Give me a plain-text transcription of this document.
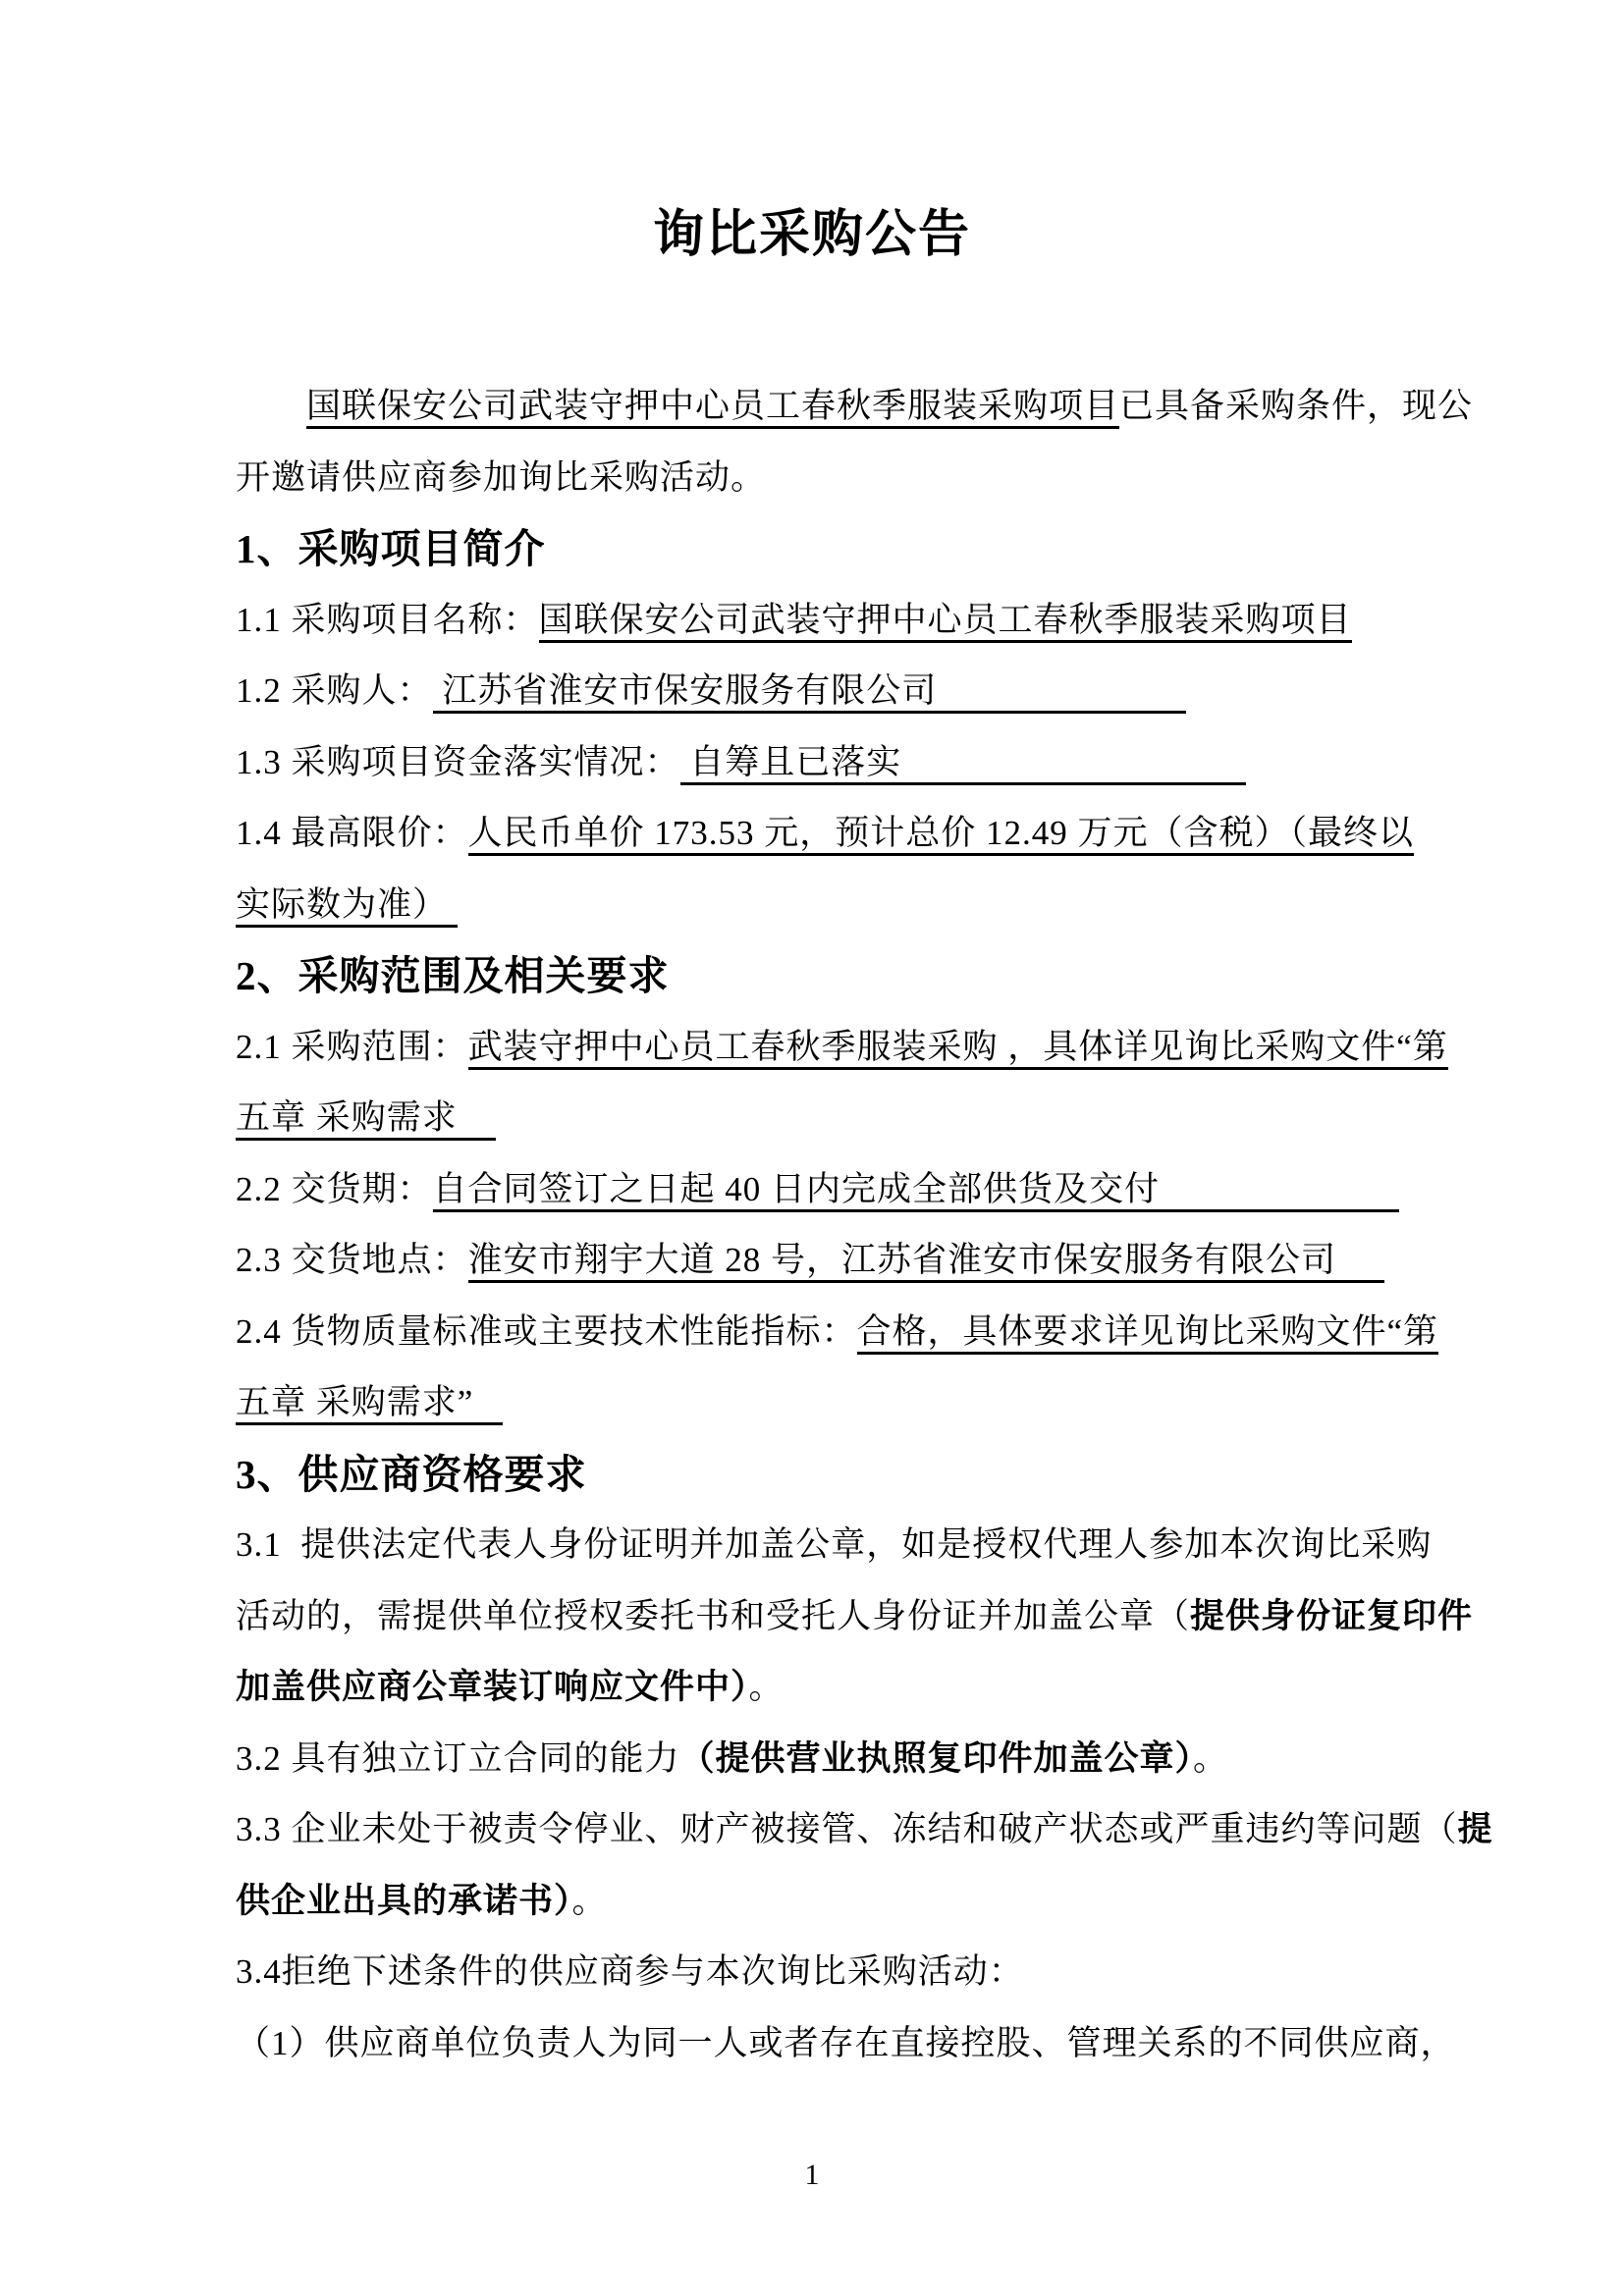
询比采购公告

国联保安公司武装守押中心员工春秋季服装采购项目已具备采购条件，现公

开邀请供应商参加询比采购活动。

1、采购项目简介

1.1 采购项目名称：国联保安公司武装守押中心员工春秋季服装采购项目

1.2 采购人： 江苏省淮安市保安服务有限公司

1.3 采购项目资金落实情况： 自筹且已落实

1.4 最高限价：人民币单价 173.53 元，预计总价 12.49 万元（含税）（最终以

实际数为准）

2、采购范围及相关要求

2.1 采购范围：武装守押中心员工春秋季服装采购 ，具体详见询比采购文件“第

五章 采购需求

2.2 交货期：自合同签订之日起 40 日内完成全部供货及交付

2.3 交货地点：淮安市翔宇大道 28 号，江苏省淮安市保安服务有限公司

2.4 货物质量标准或主要技术性能指标：合格，具体要求详见询比采购文件“第

五章 采购需求”

3、供应商资格要求

3.1  提供法定代表人身份证明并加盖公章，如是授权代理人参加本次询比采购

活动的，需提供单位授权委托书和受托人身份证并加盖公章（提供身份证复印件

加盖供应商公章装订响应文件中）。

3.2 具有独立订立合同的能力（提供营业执照复印件加盖公章）。

3.3 企业未处于被责令停业、财产被接管、冻结和破产状态或严重违约等问题（提

供企业出具的承诺书）。

3.4拒绝下述条件的供应商参与本次询比采购活动：

（1）供应商单位负责人为同一人或者存在直接控股、管理关系的不同供应商，

1
